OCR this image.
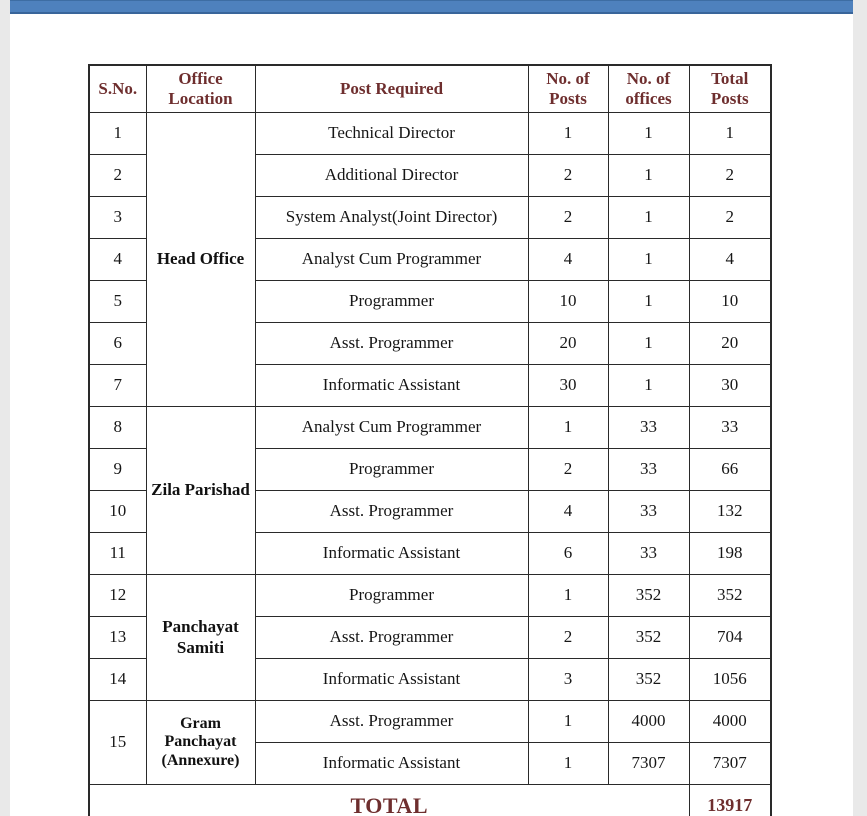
S.No.	Office Location	Post Required	No. of Posts	No. of offices	Total Posts
1	Head Office	Technical Director	1	1	1
2		Additional Director	2	1	2
3		System Analyst(Joint Director)	2	1	2
4		Analyst Cum Programmer	4	1	4
5		Programmer	10	1	10
6		Asst. Programmer	20	1	20
7		Informatic Assistant	30	1	30
8	Zila Parishad	Analyst Cum Programmer	1	33	33
9		Programmer	2	33	66
10		Asst. Programmer	4	33	132
11		Informatic Assistant	6	33	198
12	Panchayat Samiti	Programmer	1	352	352
13		Asst. Programmer	2	352	704
14		Informatic Assistant	3	352	1056
15	Gram Panchayat (Annexure)	Asst. Programmer	1	4000	4000
		Informatic Assistant	1	7307	7307
TOTAL					13917
